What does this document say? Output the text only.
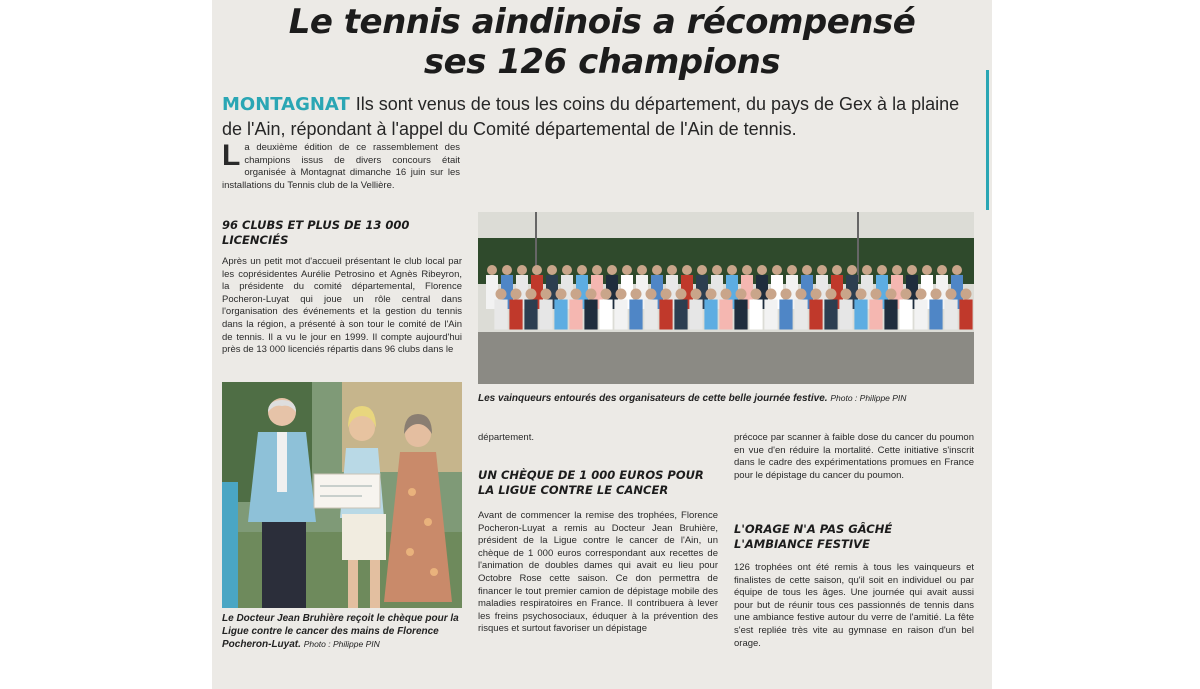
Le tennis aindinois a récompensé
ses 126 champions
MONTAGNAT Ils sont venus de tous les coins du département, du pays de Gex à la plaine de l'Ain, répondant à l'appel du Comité départemental de l'Ain de tennis.
La deuxième édition de ce rassemblement des champions issus de divers concours était organisée à Montagnat dimanche 16 juin sur les installations du Tennis club de la Vellière.
96 CLUBS ET PLUS DE 13 000 LICENCIÉS
Après un petit mot d'accueil présentant le club local par les coprésidentes Aurélie Petrosino et Agnès Ribeyron, la présidente du comité départemental, Florence Pocheron-Luyat qui joue un rôle central dans l'organisation des événements et la gestion du tennis dans la région, a présenté à son tour le comité de l'Ain de tennis. Il a vu le jour en 1999. Il compte aujourd'hui près de 13 000 licenciés répartis dans 96 clubs dans le
Le Docteur Jean Bruhière reçoit le chèque pour la Ligue contre le cancer des mains de Florence Pocheron-Luyat. Photo : Philippe PIN
Les vainqueurs entourés des organisateurs de cette belle journée festive. Photo : Philippe PIN
département.
UN CHÈQUE DE 1 000 EUROS POUR LA LIGUE CONTRE LE CANCER
Avant de commencer la remise des trophées, Florence Pocheron-Luyat a remis au Docteur Jean Bruhière, président de la Ligue contre le cancer de l'Ain, un chèque de 1 000 euros correspondant aux recettes de l'animation de doubles dames qui avait eu lieu pour Octobre Rose cette saison. Ce don permettra de financer le tout premier camion de dépistage mobile des maladies respiratoires en France. Il contribuera à lever les freins psychosociaux, éduquer à la prévention des risques et surtout favoriser un dépistage
précoce par scanner à faible dose du cancer du poumon en vue d'en réduire la mortalité. Cette initiative s'inscrit dans le cadre des expérimentations promues en France pour le dépistage du cancer du poumon.
L'ORAGE N'A PAS GÂCHÉ L'AMBIANCE FESTIVE
126 trophées ont été remis à tous les vainqueurs et finalistes de cette saison, qu'il soit en individuel ou par équipe de tous les âges. Une journée qui avait aussi pour but de réunir tous ces passionnés de tennis dans une ambiance festive autour du verre de l'amitié. La fête s'est repliée très vite au gymnase en raison d'un bel orage.
